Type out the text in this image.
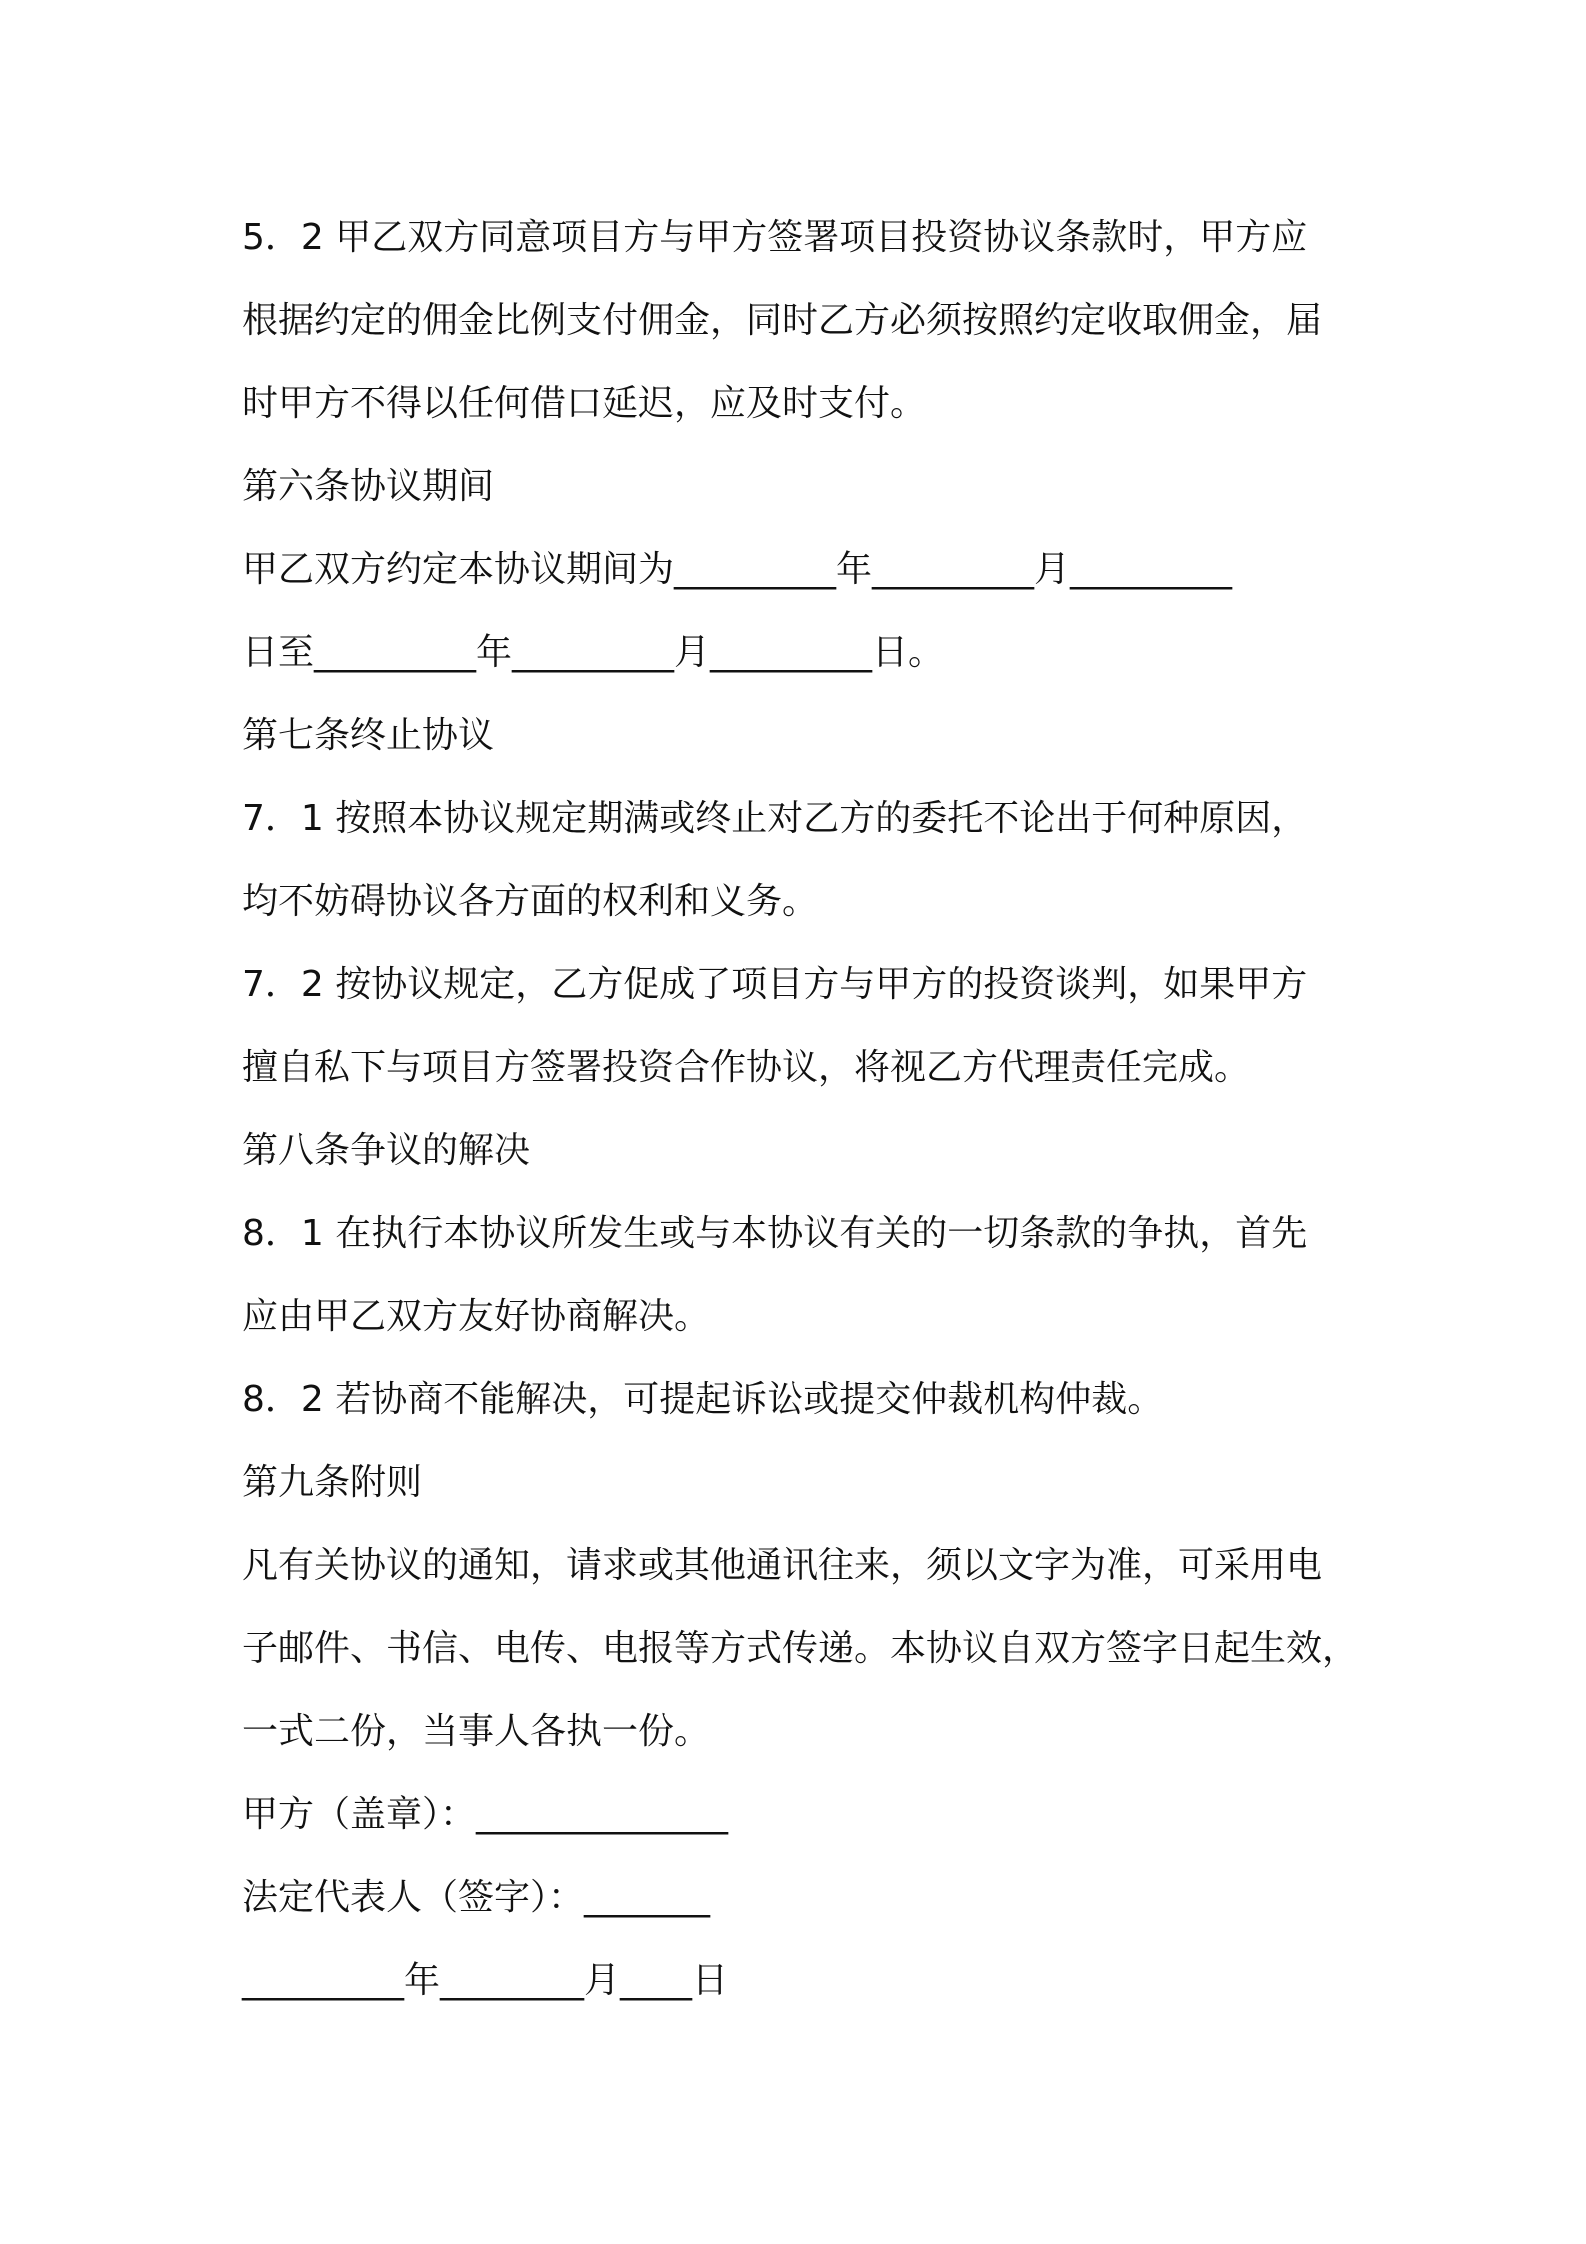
5．2 甲乙双方同意项目方与甲方签署项目投资协议条款时，甲方应

根据约定的佣金比例支付佣金，同时乙方必须按照约定收取佣金，届

时甲方不得以任何借口延迟，应及时支付。

第六条协议期间

甲乙双方约定本协议期间为_________年_________月_________

日至_________年_________月_________日。

第七条终止协议

7．1 按照本协议规定期满或终止对乙方的委托不论出于何种原因，

均不妨碍协议各方面的权利和义务。

7．2 按协议规定，乙方促成了项目方与甲方的投资谈判，如果甲方

擅自私下与项目方签署投资合作协议，将视乙方代理责任完成。

第八条争议的解决

8．1 在执行本协议所发生或与本协议有关的一切条款的争执，首先

应由甲乙双方友好协商解决。

8．2 若协商不能解决，可提起诉讼或提交仲裁机构仲裁。

第九条附则

凡有关协议的通知，请求或其他通讯往来，须以文字为准，可采用电

子邮件、书信、电传、电报等方式传递。本协议自双方签字日起生效，

一式二份，当事人各执一份。

甲方（盖章）：______________

法定代表人（签字）：_______

_________年________月____日
